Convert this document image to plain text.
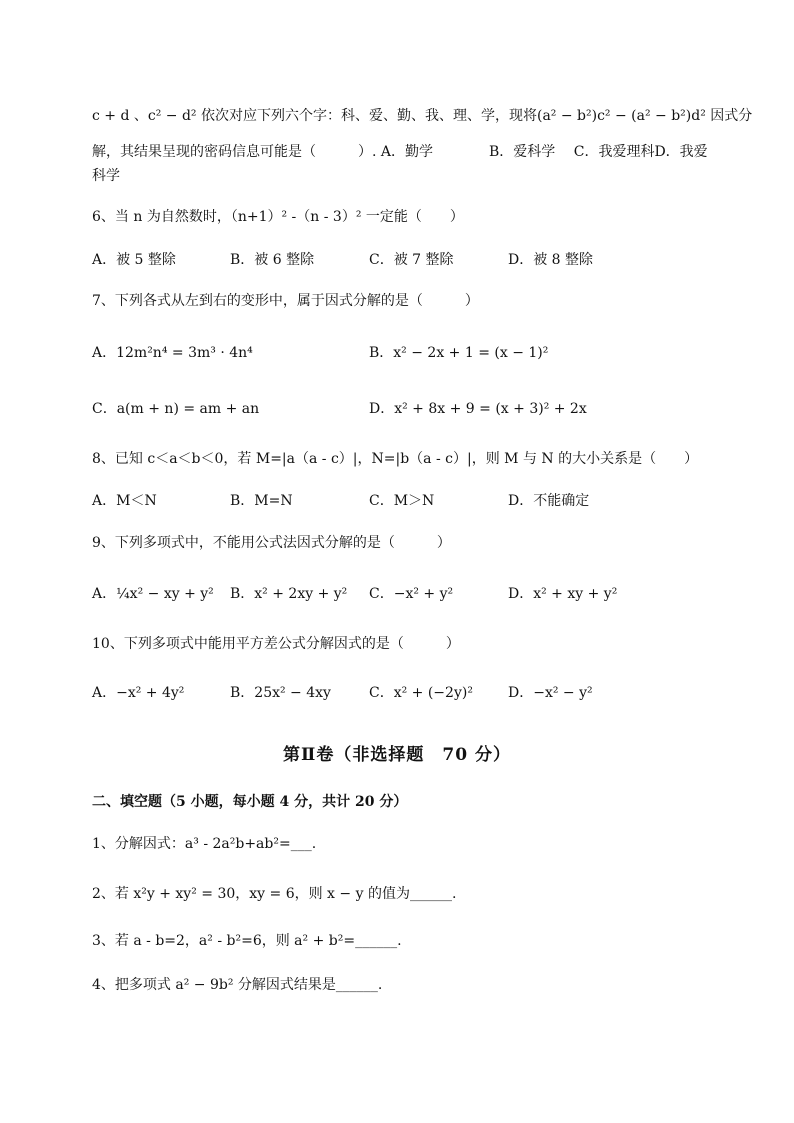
c + d 、c² − d² 依次对应下列六个字：科、爱、勤、我、理、学，现将(a² − b²)c² − (a² − b²)d² 因式分
解，其结果呈现的密码信息可能是（　　　）. A．勤学　　　　B．爱科学　 C．我爱理科D．我爱
科学
6、当 n 为自然数时，（n+1）² -（n - 3）² 一定能（　　）
A．被 5 整除	B．被 6 整除	C．被 7 整除	D．被 8 整除
7、下列各式从左到右的变形中，属于因式分解的是（　　　）
A．12m²n⁴ = 3m³ · 4n⁴	B．x² − 2x + 1 = (x − 1)²
C．a(m + n) = am + an	D．x² + 8x + 9 = (x + 3)² + 2x
8、已知 c＜a＜b＜0，若 M=|a（a - c）|，N=|b（a - c）|，则 M 与 N 的大小关系是（　　）
A．M＜N	B．M=N	C．M＞N	D．不能确定
9、下列多项式中，不能用公式法因式分解的是（　　　）
A．¼x² − xy + y² B．x² + 2xy + y² C．−x² + y²	D．x² + xy + y²
10、下列多项式中能用平方差公式分解因式的是（　　　）
A．−x² + 4y²	B．25x² − 4xy	C．x² + (−2y)²	D．−x² − y²
第Ⅱ卷（非选择题　70 分）
二、填空题（5 小题，每小题 4 分，共计 20 分）
1、分解因式：a³ - 2a²b+ab²=___.
2、若 x²y + xy² = 30，xy = 6，则 x − y 的值为______.
3、若 a - b=2，a² - b²=6，则 a² + b²=______.
4、把多项式 a² − 9b² 分解因式结果是______.
